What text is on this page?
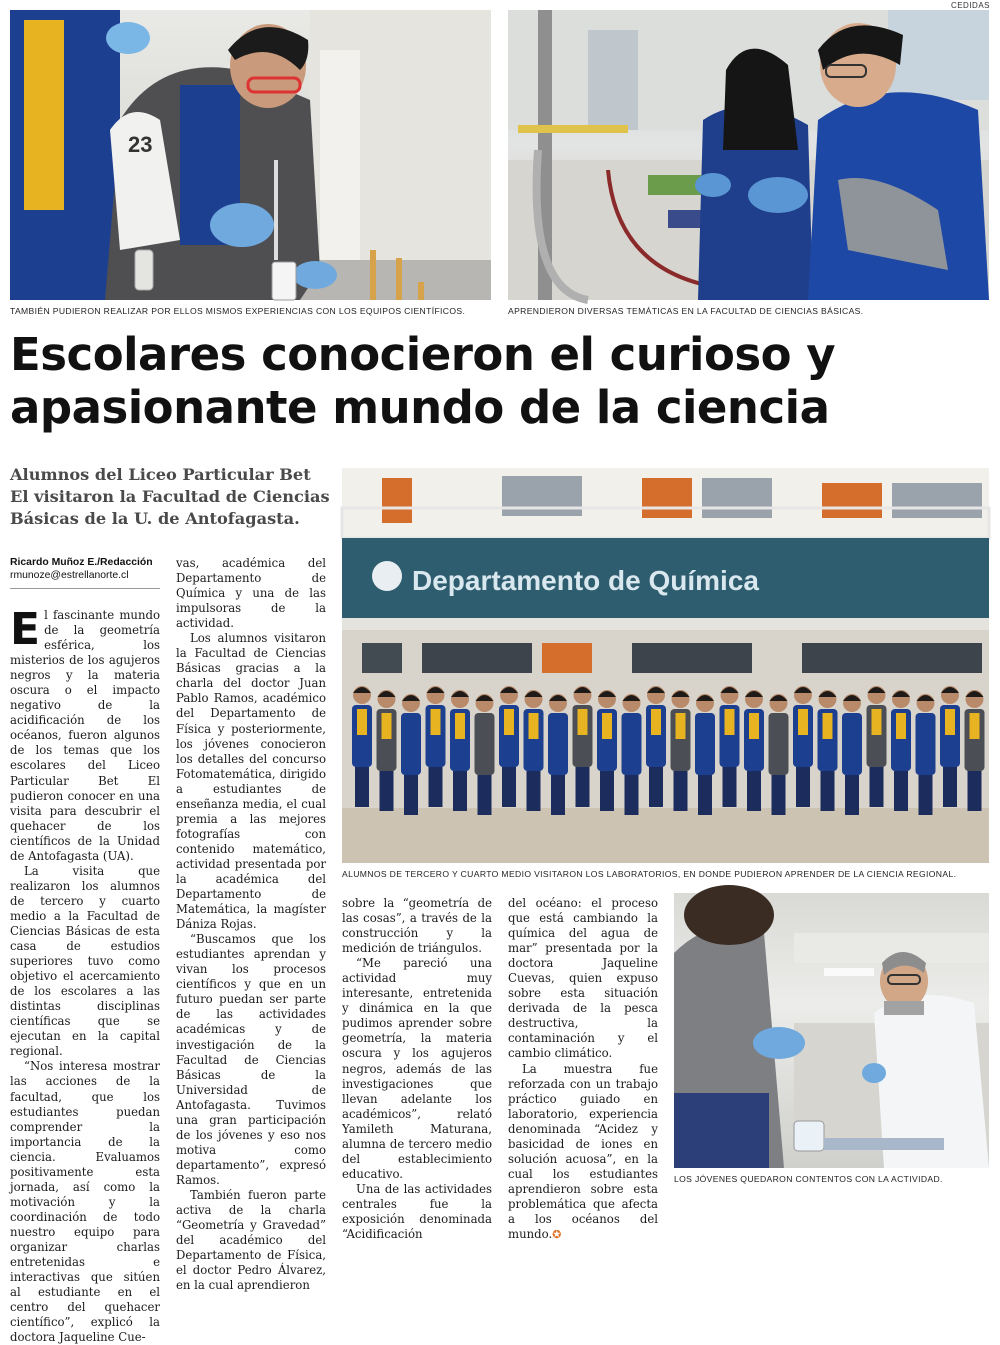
CEDIDAS
23
TAMBIÉN PUDIERON REALIZAR POR ELLOS MISMOS EXPERIENCIAS CON LOS EQUIPOS CIENTÍFICOS.	APRENDIERON DIVERSAS TEMÁTICAS EN LA FACULTAD DE CIENCIAS BÁSICAS.
Escolares conocieron el curioso y
apasionante mundo de la ciencia
Alumnos del Liceo Particular Bet El visitaron la Facultad de Ciencias Básicas de la U. de Antofagasta.
Ricardo Muñoz E./Redacción
rmunoze@estrellanorte.cl

El fascinante mundo de la geometría esférica, los misterios de los agujeros negros y la materia oscura o el impacto negativo de la acidificación de los océanos, fueron algunos de los temas que los escolares del Liceo Particular Bet El pudieron conocer en una visita para descubrir el quehacer de los científicos de la Unidad de Antofagasta (UA).

La visita que realizaron los alumnos de tercero y cuarto medio a la Facultad de Ciencias Básicas de esta casa de estudios superiores tuvo como objetivo el acercamiento de los escolares a las distintas disciplinas científicas que se ejecutan en la capital regional.

“Nos interesa mostrar las acciones de la facultad, que los estudiantes puedan comprender la importancia de la ciencia. Evaluamos positivamente esta jornada, así como la motivación y la coordinación de todo nuestro equipo para organizar charlas entretenidas e interactivas que sitúen al estudiante en el centro del quehacer científico”, explicó la doctora Jaqueline Cue-

vas, académica del Departamento de Química y una de las impulsoras de la actividad.

Los alumnos visitaron la Facultad de Ciencias Básicas gracias a la charla del doctor Juan Pablo Ramos, académico del Departamento de Física y posteriormente, los jóvenes conocieron los detalles del concurso Fotomatemática, dirigido a estudiantes de enseñanza media, el cual premia a las mejores fotografías con contenido matemático, actividad presentada por la académica del Departamento de Matemática, la magíster Dániza Rojas.

“Buscamos que los estudiantes aprendan y vivan los procesos científicos y que en un futuro puedan ser parte de las actividades académicas y de investigación de la Facultad de Ciencias Básicas de la Universidad de Antofagasta. Tuvimos una gran participación de los jóvenes y eso nos motiva como departamento”, expresó Ramos.

También fueron parte activa de la charla “Geometría y Gravedad” del académico del Departamento de Física, el doctor Pedro Álvarez, en la cual aprendieron

Departamento de Química
ALUMNOS DE TERCERO Y CUARTO MEDIO VISITARON LOS LABORATORIOS, EN DONDE PUDIERON APRENDER DE LA CIENCIA REGIONAL.

sobre la “geometría de las cosas”, a través de la construcción y la medición de triángulos.

“Me pareció una actividad muy interesante, entretenida y dinámica en la que pudimos aprender sobre geometría, la materia oscura y los agujeros negros, además de las investigaciones que llevan adelante los académicos”, relató Yamileth Maturana, alumna de tercero medio del establecimiento educativo.

Una de las actividades centrales fue la exposición denominada “Acidificación

del océano: el proceso que está cambiando la química del agua de mar” presentada por la doctora Jaqueline Cuevas, quien expuso sobre esta situación derivada de la pesca destructiva, la contaminación y el cambio climático.

La muestra fue reforzada con un trabajo práctico guiado en laboratorio, experiencia denominada “Acidez y basicidad de iones en solución acuosa”, en la cual los estudiantes aprendieron sobre esta problemática que afecta a los océanos del mundo.✪

LOS JÓVENES QUEDARON CONTENTOS CON LA ACTIVIDAD.
